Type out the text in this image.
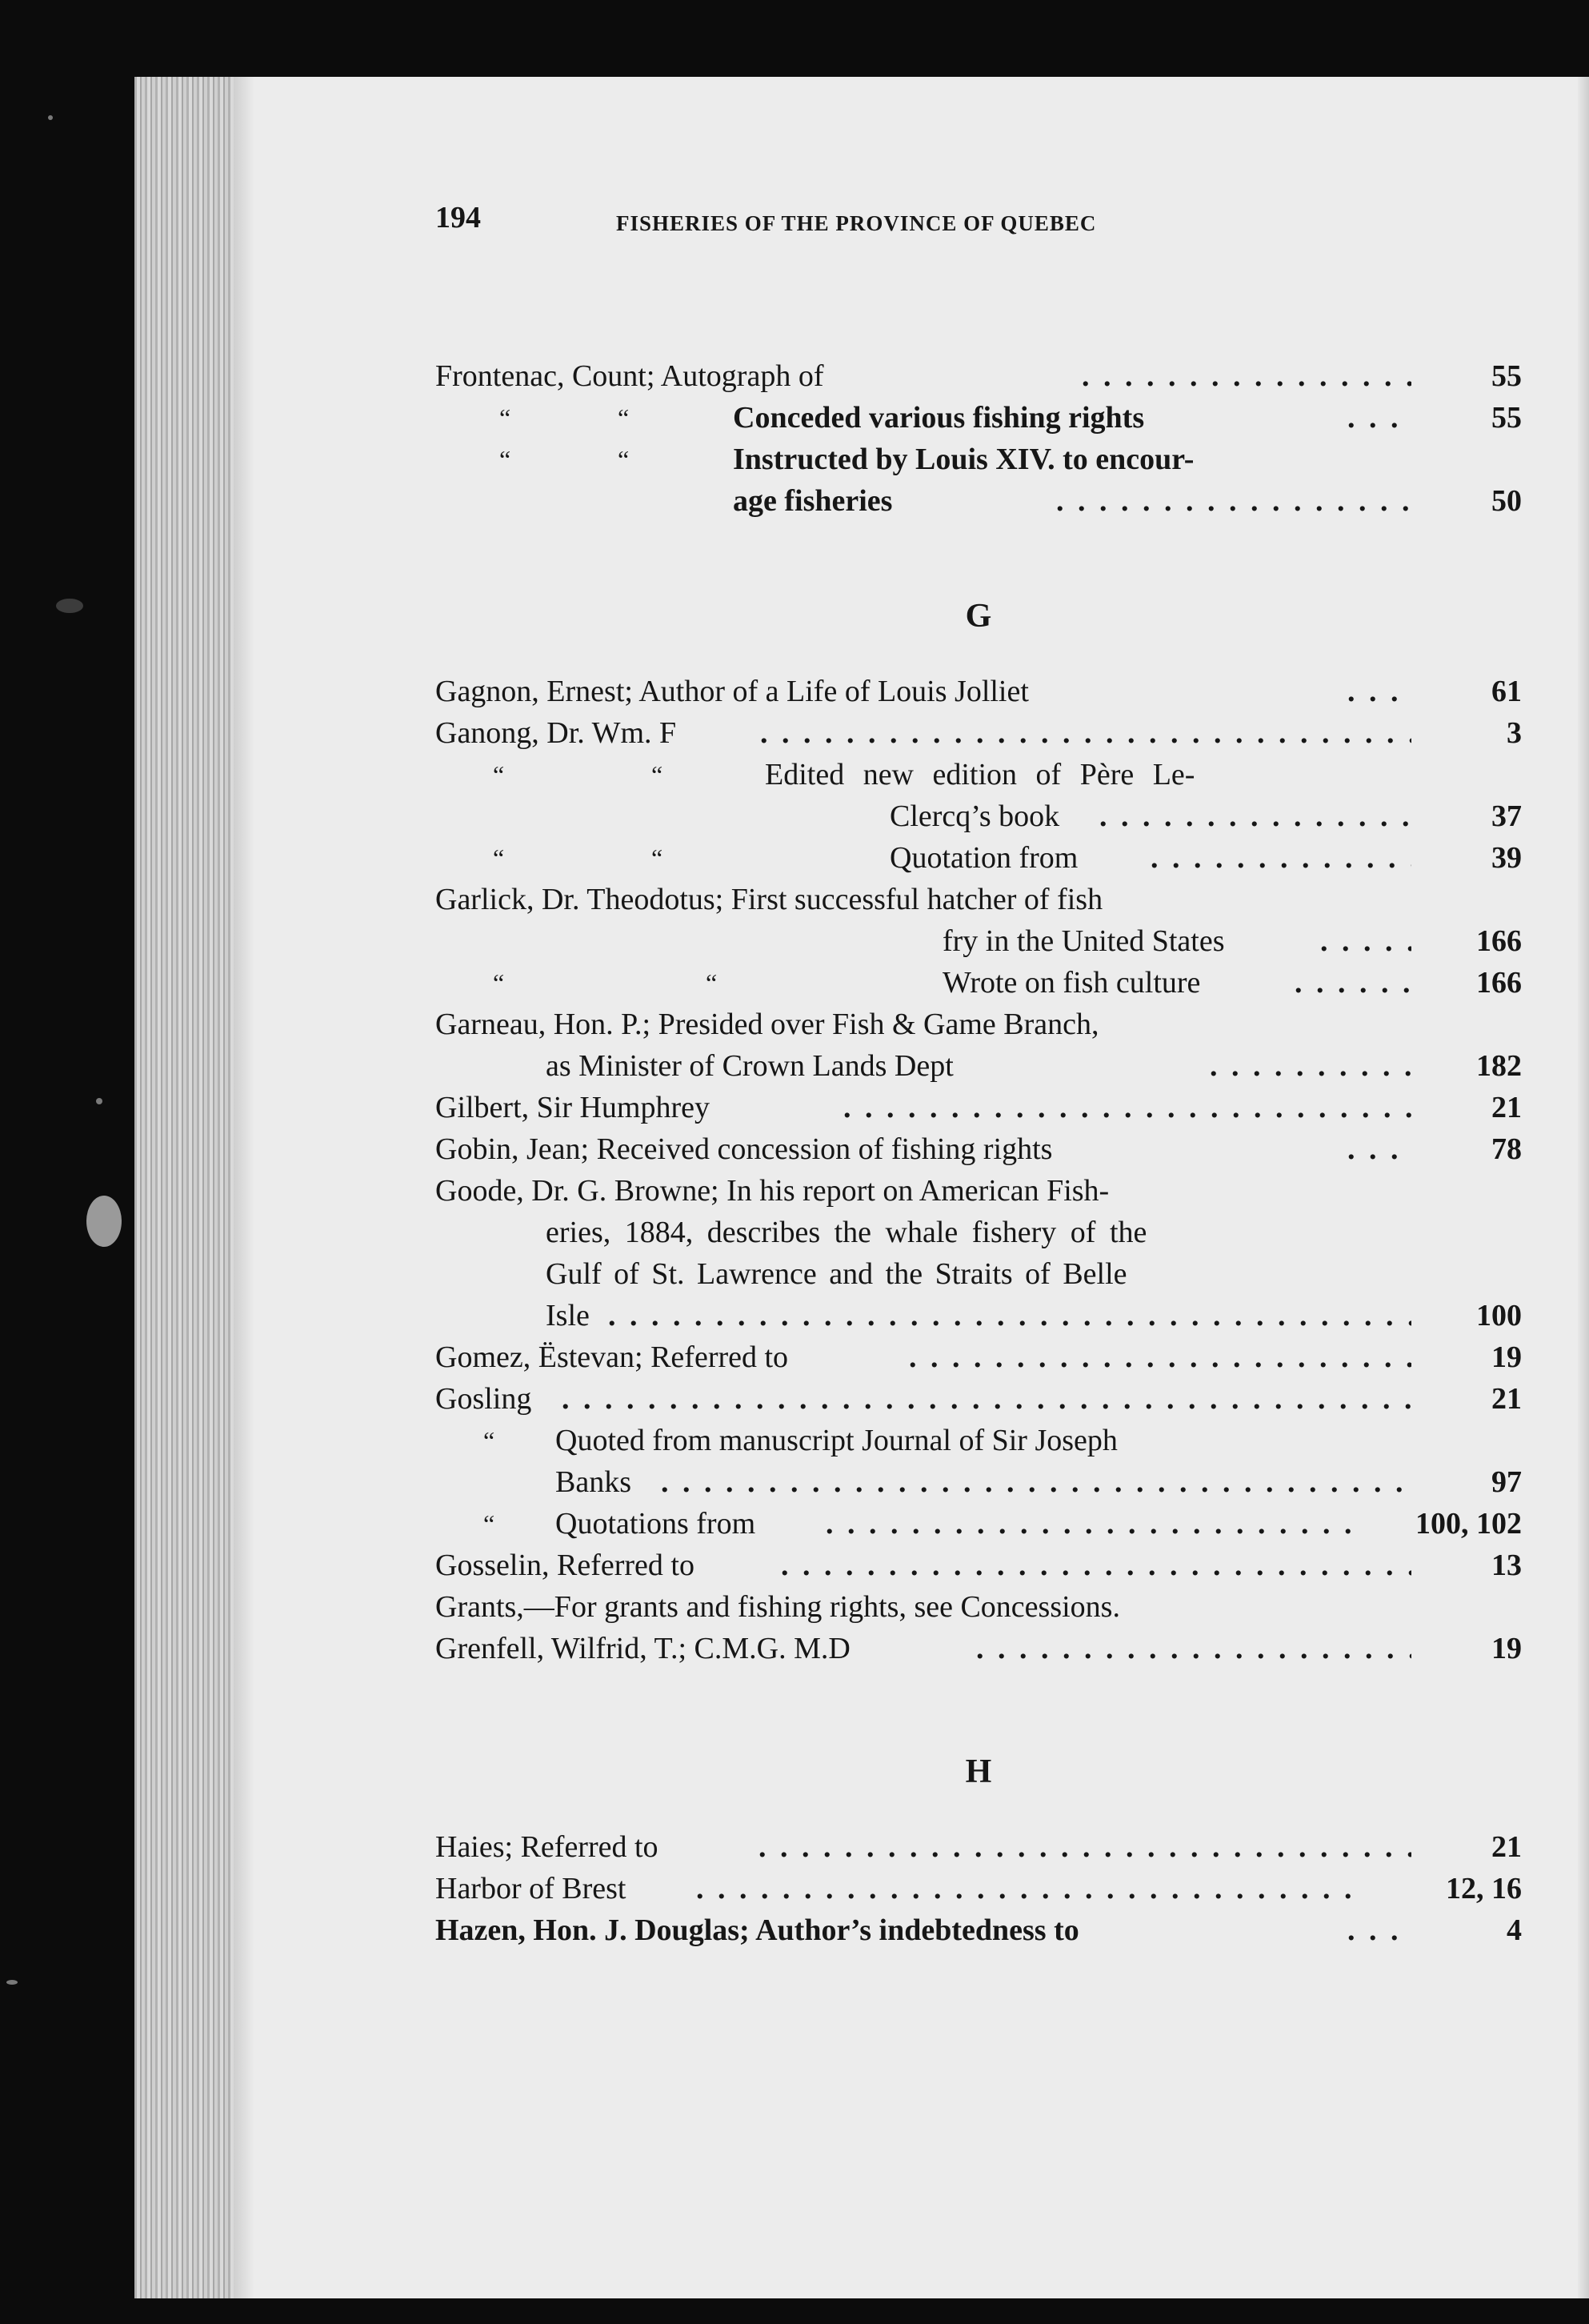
194	FISHERIES OF THE PROVINCE OF QUEBEC
Frontenac, Count; Autograph of . . .	55
“	“	Conceded various fishing rights . . .	55
“	“	Instructed by Louis XIV. to encour-
age fisheries . . .	50
G
Gagnon, Ernest; Author of a Life of Louis Jolliet . . .	61
Ganong, Dr. Wm. F . . .	3
“	“	Edited new edition of Père Le-
Clercq’s book . . .	37
“	“	Quotation from . . .	39
Garlick, Dr. Theodotus; First successful hatcher of fish
fry in the United States . . .	166
“	“	Wrote on fish culture . . .	166
Garneau, Hon. P.; Presided over Fish & Game Branch,
as Minister of Crown Lands Dept . . .	182
Gilbert, Sir Humphrey . . .	21
Gobin, Jean; Received concession of fishing rights . . .	78
Goode, Dr. G. Browne; In his report on American Fish-
eries, 1884, describes the whale fishery of the
Gulf of St. Lawrence and the Straits of Belle
Isle . . .	100
Gomez, Ëstevan; Referred to . . .	19
Gosling . . .	21
“ Quoted from manuscript Journal of Sir Joseph
Banks . . .	97
“ Quotations from . . .	100, 102
Gosselin, Referred to . . .	13
Grants,—For grants and fishing rights, see Concessions.
Grenfell, Wilfrid, T.; C.M.G. M.D . . .	19
H
Haies; Referred to . . .	21
Harbor of Brest . . .	12, 16
Hazen, Hon. J. Douglas; Author’s indebtedness to . . .	4
